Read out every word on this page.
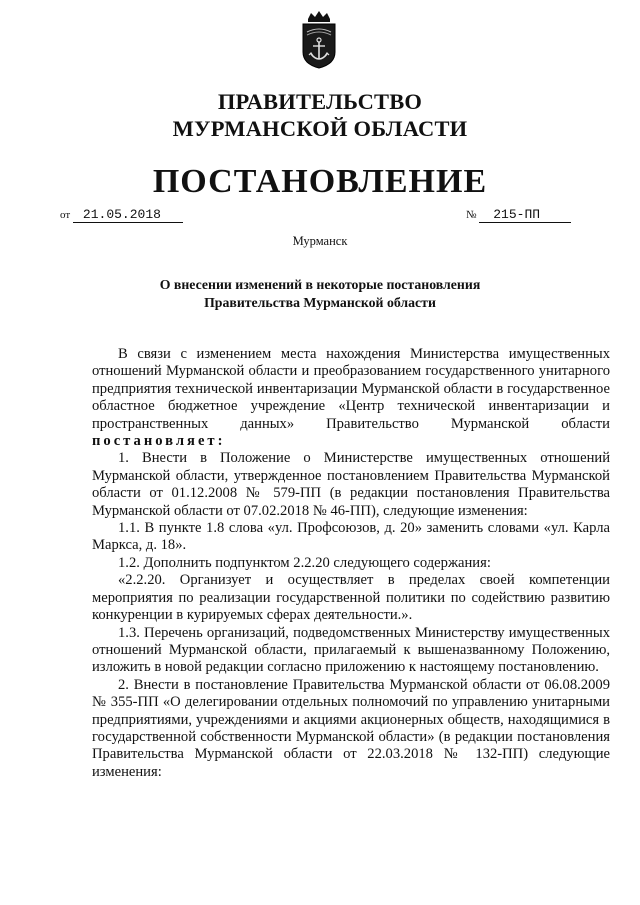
ПРАВИТЕЛЬСТВО
МУРМАНСКОЙ ОБЛАСТИ
ПОСТАНОВЛЕНИЕ
от 21.05.2018	№ 215-ПП
Мурманск
О внесении изменений в некоторые постановления
Правительства Мурманской области

В связи с изменением места нахождения Министерства имущественных отношений Мурманской области и преобразованием государственного унитарного предприятия технической инвентаризации Мурманской области в государственное областное бюджетное учреждение «Центр технической инвентаризации и пространственных данных» Правительство Мурманской области постановляет:

1. Внести в Положение о Министерстве имущественных отношений Мурманской области, утвержденное постановлением Правительства Мурманской области от 01.12.2008 № 579-ПП (в редакции постановления Правительства Мурманской области от 07.02.2018 № 46-ПП), следующие изменения:

1.1. В пункте 1.8 слова «ул. Профсоюзов, д. 20» заменить словами «ул. Карла Маркса, д. 18».

1.2. Дополнить подпунктом 2.2.20 следующего содержания:

«2.2.20. Организует и осуществляет в пределах своей компетенции мероприятия по реализации государственной политики по содействию развитию конкуренции в курируемых сферах деятельности.».

1.3. Перечень организаций, подведомственных Министерству имущественных отношений Мурманской области, прилагаемый к вышеназванному Положению, изложить в новой редакции согласно приложению к настоящему постановлению.

2. Внести в постановление Правительства Мурманской области от 06.08.2009 № 355-ПП «О делегировании отдельных полномочий по управлению унитарными предприятиями, учреждениями и акциями акционерных обществ, находящимися в государственной собственности Мурманской области» (в редакции постановления Правительства Мурманской области от 22.03.2018 № 132-ПП) следующие изменения:
